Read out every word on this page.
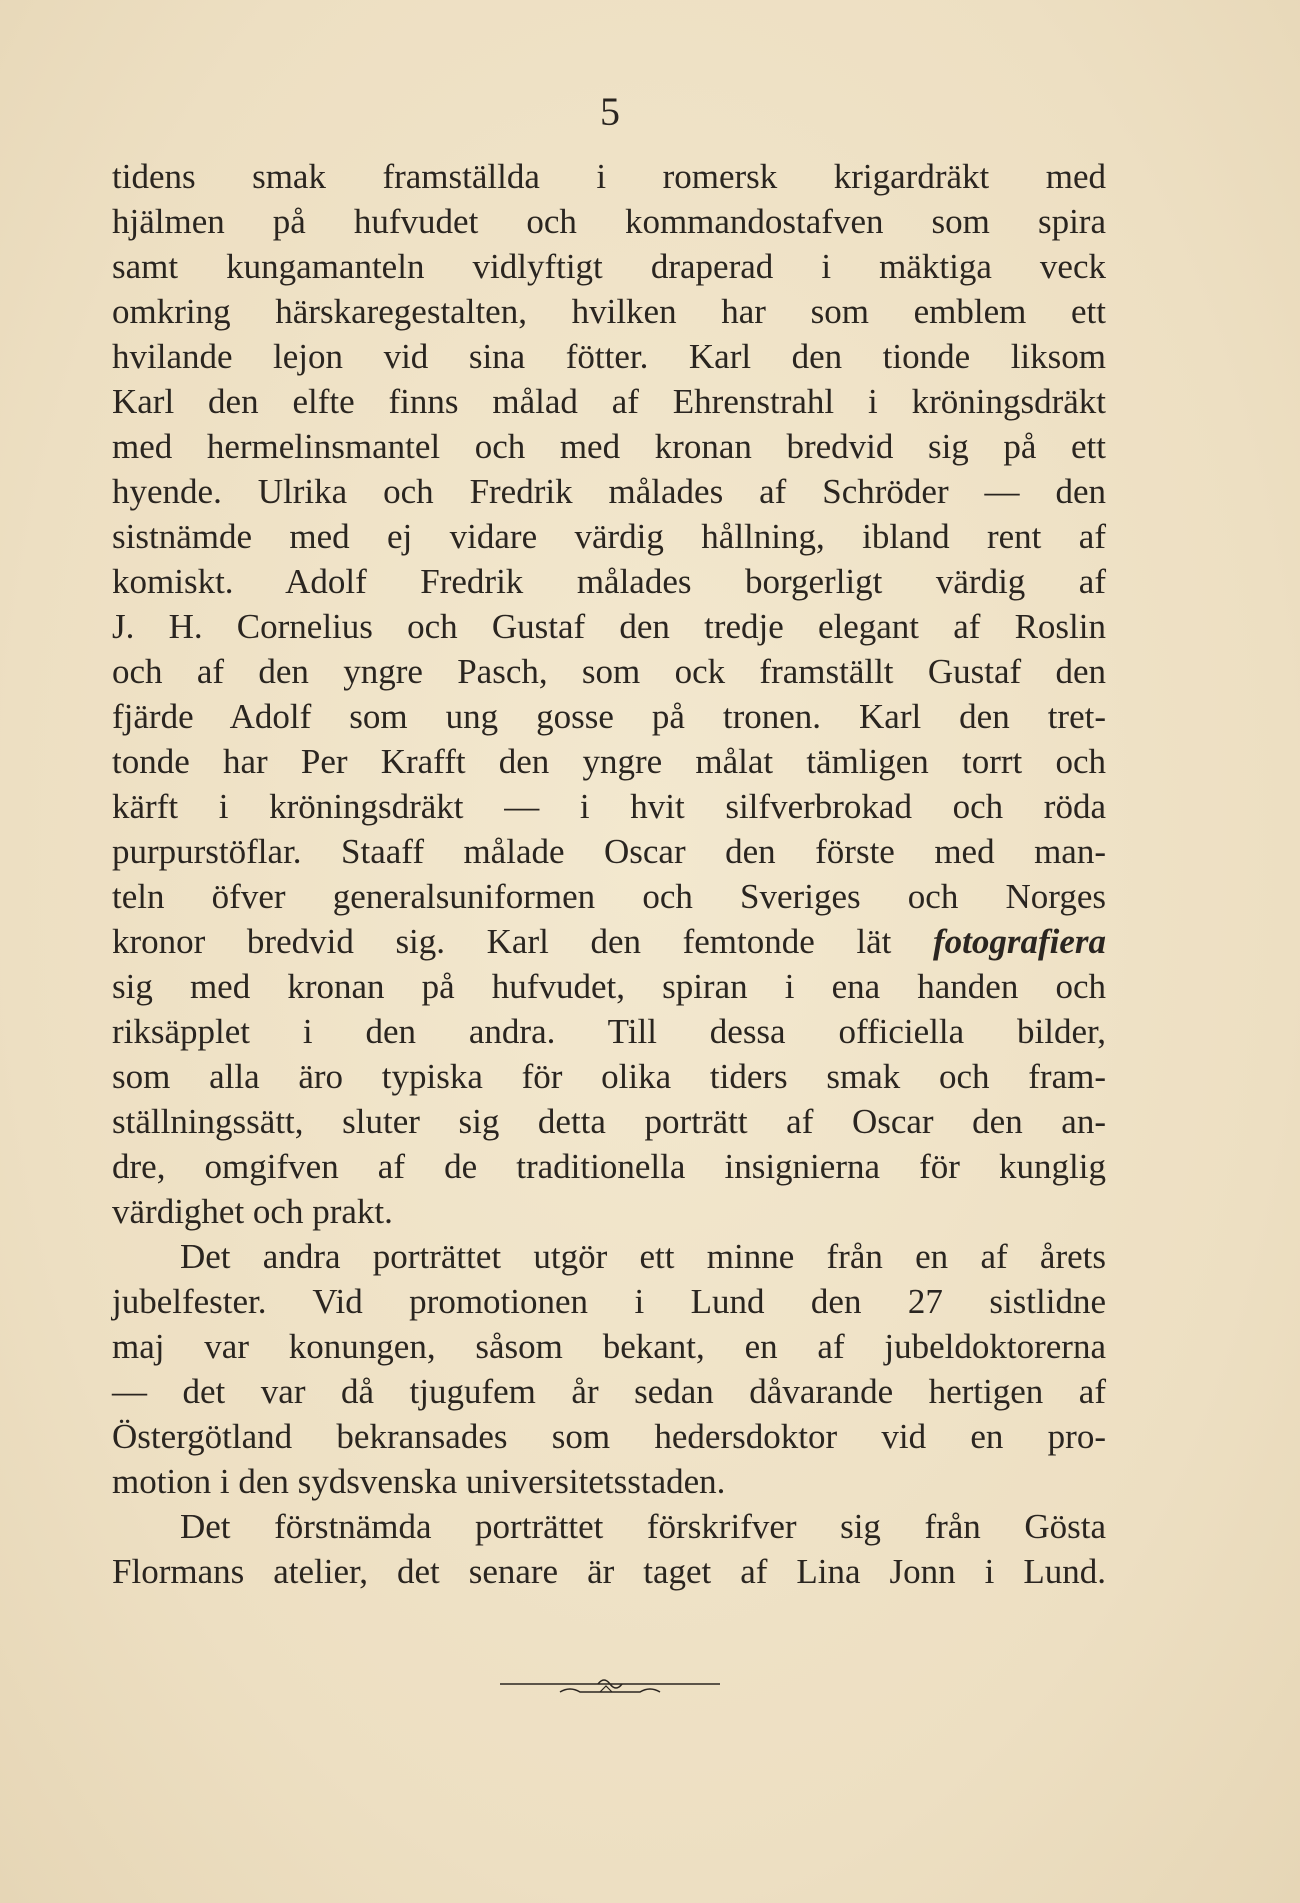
5
tidens smak framställda i romersk krigardräkt med
hjälmen på hufvudet och kommandostafven som spira
samt kungamanteln vidlyftigt draperad i mäktiga veck
omkring härskaregestalten, hvilken har som emblem ett
hvilande lejon vid sina fötter. Karl den tionde liksom
Karl den elfte finns målad af Ehrenstrahl i kröningsdräkt
med hermelinsmantel och med kronan bredvid sig på ett
hyende. Ulrika och Fredrik målades af Schröder — den
sistnämde med ej vidare värdig hållning, ibland rent af
komiskt. Adolf Fredrik målades borgerligt värdig af
J. H. Cornelius och Gustaf den tredje elegant af Roslin
och af den yngre Pasch, som ock framställt Gustaf den
fjärde Adolf som ung gosse på tronen. Karl den tret-
tonde har Per Krafft den yngre målat tämligen torrt och
kärft i kröningsdräkt — i hvit silfverbrokad och röda
purpurstöflar. Staaff målade Oscar den förste med man-
teln öfver generalsuniformen och Sveriges och Norges
kronor bredvid sig. Karl den femtonde lät fotografiera
sig med kronan på hufvudet, spiran i ena handen och
riksäpplet i den andra. Till dessa officiella bilder,
som alla äro typiska för olika tiders smak och fram-
ställningssätt, sluter sig detta porträtt af Oscar den an-
dre, omgifven af de traditionella insignierna för kunglig
värdighet och prakt.
Det andra porträttet utgör ett minne från en af årets
jubelfester. Vid promotionen i Lund den 27 sistlidne
maj var konungen, såsom bekant, en af jubeldoktorerna
— det var då tjugufem år sedan dåvarande hertigen af
Östergötland bekransades som hedersdoktor vid en pro-
motion i den sydsvenska universitetsstaden.
Det förstnämda porträttet förskrifver sig från Gösta
Flormans atelier, det senare är taget af Lina Jonn i Lund.
